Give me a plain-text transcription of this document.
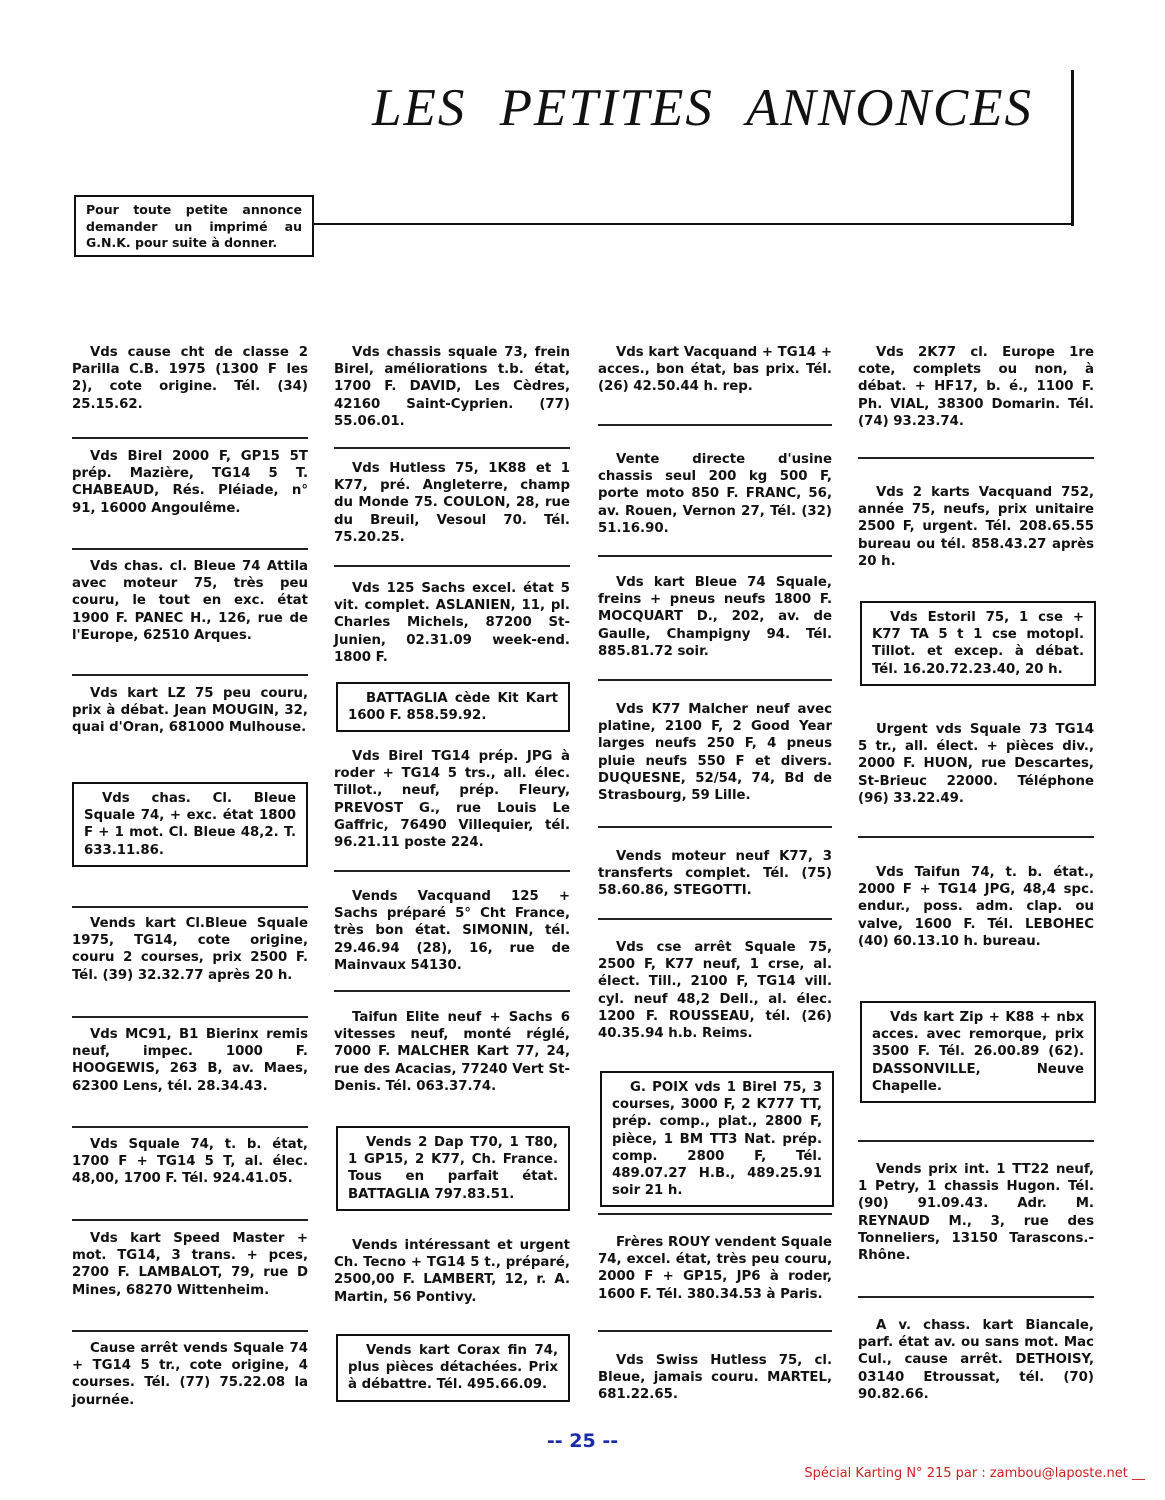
LES PETITES ANNONCES
Pour toute petite annonce demander un imprimé au G.N.K. pour suite à donner.

Vds cause cht de classe 2 Parilla C.B. 1975 (1300 F les 2), cote origine. Tél. (34) 25.15.62.

Vds Birel 2000 F, GP15 5T prép. Mazière, TG14 5 T. CHABEAUD, Rés. Pléiade, n° 91, 16000 Angoulême.

Vds chas. cl. Bleue 74 Attila avec moteur 75, très peu couru, le tout en exc. état 1900 F. PANEC H., 126, rue de l'Europe, 62510 Arques.

Vds kart LZ 75 peu couru, prix à débat. Jean MOUGIN, 32, quai d'Oran, 681000 Mulhouse.

Vds chas. Cl. Bleue Squale 74, + exc. état 1800 F + 1 mot. Cl. Bleue 48,2. T. 633.11.86.

Vends kart Cl.Bleue Squale 1975, TG14, cote origine, couru 2 courses, prix 2500 F. Tél. (39) 32.32.77 après 20 h.

Vds MC91, B1 Bierinx remis neuf, impec. 1000 F. HOOGEWIS, 263 B, av. Maes, 62300 Lens, tél. 28.34.43.

Vds Squale 74, t. b. état, 1700 F + TG14 5 T, al. élec. 48,00, 1700 F. Tél. 924.41.05.

Vds kart Speed Master + mot. TG14, 3 trans. + pces, 2700 F. LAMBALOT, 79, rue D Mines, 68270 Wittenheim.

Cause arrêt vends Squale 74 + TG14 5 tr., cote origine, 4 courses. Tél. (77) 75.22.08 la journée.

Vds chassis squale 73, frein Birel, améliorations t.b. état, 1700 F. DAVID, Les Cèdres, 42160 Saint-Cyprien. (77) 55.06.01.

Vds Hutless 75, 1K88 et 1 K77, pré. Angleterre, champ du Monde 75. COULON, 28, rue du Breuil, Vesoul 70. Tél. 75.20.25.

Vds 125 Sachs excel. état 5 vit. complet. ASLANIEN, 11, pl. Charles Michels, 87200 St-Junien, 02.31.09 week-end. 1800 F.

BATTAGLIA cède Kit Kart 1600 F. 858.59.92.

Vds Birel TG14 prép. JPG à roder + TG14 5 trs., all. élec. Tillot., neuf, prép. Fleury, PREVOST G., rue Louis Le Gaffric, 76490 Villequier, tél. 96.21.11 poste 224.

Vends Vacquand 125 + Sachs préparé 5° Cht France, très bon état. SIMONIN, tél. 29.46.94 (28), 16, rue de Mainvaux 54130.

Taifun Elite neuf + Sachs 6 vitesses neuf, monté réglé, 7000 F. MALCHER Kart 77, 24, rue des Acacias, 77240 Vert St-Denis. Tél. 063.37.74.

Vends 2 Dap T70, 1 T80, 1 GP15, 2 K77, Ch. France. Tous en parfait état. BATTAGLIA 797.83.51.

Vends intéressant et urgent Ch. Tecno + TG14 5 t., préparé, 2500,00 F. LAMBERT, 12, r. A. Martin, 56 Pontivy.

Vends kart Corax fin 74, plus pièces détachées. Prix à débattre. Tél. 495.66.09.

Vds kart Vacquand + TG14 + acces., bon état, bas prix. Tél. (26) 42.50.44 h. rep.

Vente directe d'usine chassis seul 200 kg 500 F, porte moto 850 F. FRANC, 56, av. Rouen, Vernon 27, Tél. (32) 51.16.90.

Vds kart Bleue 74 Squale, freins + pneus neufs 1800 F. MOCQUART D., 202, av. de Gaulle, Champigny 94. Tél. 885.81.72 soir.

Vds K77 Malcher neuf avec platine, 2100 F, 2 Good Year larges neufs 250 F, 4 pneus pluie neufs 550 F et divers. DUQUESNE, 52/54, 74, Bd de Strasbourg, 59 Lille.

Vends moteur neuf K77, 3 transferts complet. Tél. (75) 58.60.86, STEGOTTI.

Vds cse arrêt Squale 75, 2500 F, K77 neuf, 1 crse, al. élect. Till., 2100 F, TG14 vill. cyl. neuf 48,2 Dell., al. élec. 1200 F. ROUSSEAU, tél. (26) 40.35.94 h.b. Reims.

G. POIX vds 1 Birel 75, 3 courses, 3000 F, 2 K777 TT, prép. comp., plat., 2800 F, pièce, 1 BM TT3 Nat. prép. comp. 2800 F, Tél. 489.07.27 H.B., 489.25.91 soir 21 h.

Frères ROUY vendent Squale 74, excel. état, très peu couru, 2000 F + GP15, JP6 à roder, 1600 F. Tél. 380.34.53 à Paris.

Vds Swiss Hutless 75, cl. Bleue, jamais couru. MARTEL, 681.22.65.

Vds 2K77 cl. Europe 1re cote, complets ou non, à débat. + HF17, b. é., 1100 F. Ph. VIAL, 38300 Domarin. Tél. (74) 93.23.74.

Vds 2 karts Vacquand 752, année 75, neufs, prix unitaire 2500 F, urgent. Tél. 208.65.55 bureau ou tél. 858.43.27 après 20 h.

Vds Estoril 75, 1 cse + K77 TA 5 t 1 cse motopl. Tillot. et excep. à débat. Tél. 16.20.72.23.40, 20 h.

Urgent vds Squale 73 TG14 5 tr., all. élect. + pièces div., 2000 F. HUON, rue Descartes, St-Brieuc 22000. Téléphone (96) 33.22.49.

Vds Taifun 74, t. b. état., 2000 F + TG14 JPG, 48,4 spc. endur., poss. adm. clap. ou valve, 1600 F. Tél. LEBOHEC (40) 60.13.10 h. bureau.

Vds kart Zip + K88 + nbx acces. avec remorque, prix 3500 F. Tél. 26.00.89 (62). DASSONVILLE, Neuve Chapelle.

Vends prix int. 1 TT22 neuf, 1 Petry, 1 chassis Hugon. Tél. (90) 91.09.43. Adr. M. REYNAUD M., 3, rue des Tonneliers, 13150 Tarascons.-Rhône.

A v. chass. kart Biancale, parf. état av. ou sans mot. Mac Cul., cause arrêt. DETHOISY, 03140 Etroussat, tél. (70) 90.82.66.

-- 25 --
Spécial Karting N° 215 par : zambou@laposte.net __
